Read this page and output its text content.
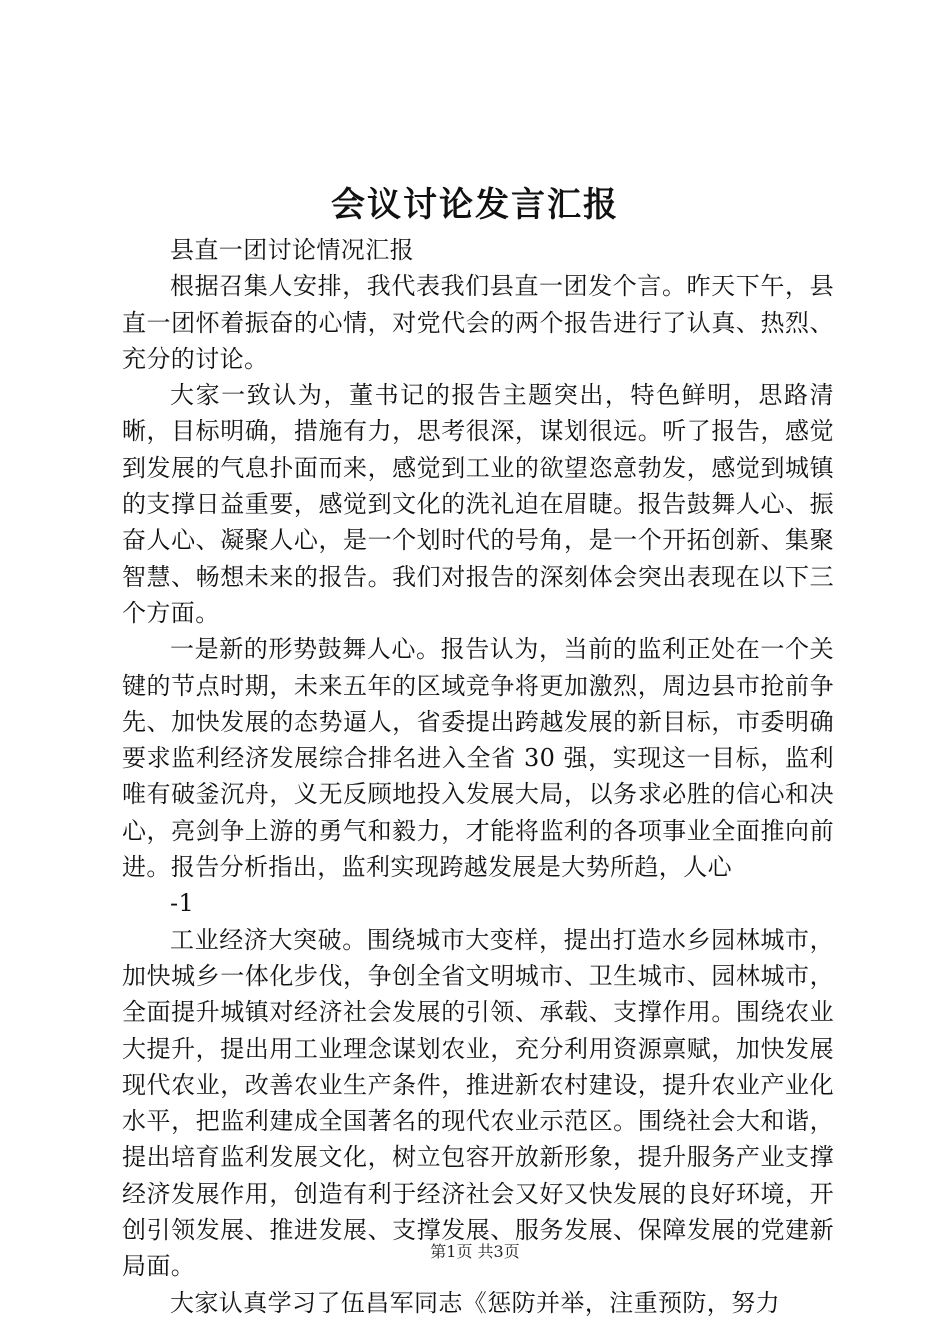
会议讨论发言汇报

县直一团讨论情况汇报

根据召集人安排，我代表我们县直一团发个言。昨天下午，县直一团怀着振奋的心情，对党代会的两个报告进行了认真、热烈、充分的讨论。

大家一致认为，董书记的报告主题突出，特色鲜明，思路清晰，目标明确，措施有力，思考很深，谋划很远。听了报告，感觉到发展的气息扑面而来，感觉到工业的欲望恣意勃发，感觉到城镇的支撑日益重要，感觉到文化的洗礼迫在眉睫。报告鼓舞人心、振奋人心、凝聚人心，是一个划时代的号角，是一个开拓创新、集聚智慧、畅想未来的报告。我们对报告的深刻体会突出表现在以下三个方面。

一是新的形势鼓舞人心。报告认为，当前的监利正处在一个关键的节点时期，未来五年的区域竞争将更加激烈，周边县市抢前争先、加快发展的态势逼人，省委提出跨越发展的新目标，市委明确要求监利经济发展综合排名进入全省 30 强，实现这一目标，监利唯有破釜沉舟，义无反顾地投入发展大局，以务求必胜的信心和决心，亮剑争上游的勇气和毅力，才能将监利的各项事业全面推向前进。报告分析指出，监利实现跨越发展是大势所趋，人心

-1

工业经济大突破。围绕城市大变样，提出打造水乡园林城市，加快城乡一体化步伐，争创全省文明城市、卫生城市、园林城市，全面提升城镇对经济社会发展的引领、承载、支撑作用。围绕农业大提升，提出用工业理念谋划农业，充分利用资源禀赋，加快发展现代农业，改善农业生产条件，推进新农村建设，提升农业产业化水平，把监利建成全国著名的现代农业示范区。围绕社会大和谐，提出培育监利发展文化，树立包容开放新形象，提升服务产业支撑经济发展作用，创造有利于经济社会又好又快发展的良好环境，开创引领发展、推进发展、支撑发展、服务发展、保障发展的党建新局面。

大家认真学习了伍昌军同志《惩防并举，注重预防，努力

第1页 共3页
